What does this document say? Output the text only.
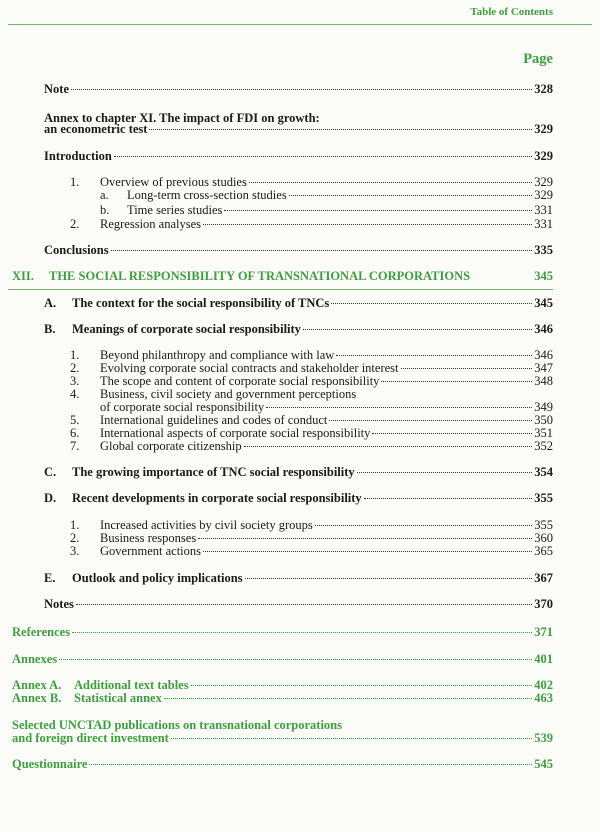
Table of Contents
Page
Note	328
Annex to chapter XI. The impact of FDI on growth:
an econometric test	329
Introduction	329
1.	Overview of previous studies	329
a.	Long-term cross-section studies	329
b.	Time series studies	331
2.	Regression analyses	331
Conclusions	335
XII.	THE SOCIAL RESPONSIBILITY OF TRANSNATIONAL CORPORATIONS	345
A.	The context for the social responsibility of TNCs	345
B.	Meanings of corporate social responsibility	346
1.	Beyond philanthropy and compliance with law	346
2.	Evolving corporate social contracts and stakeholder interest	347
3.	The scope and content of corporate social responsibility	348
4.	Business, civil society and government perceptions
of corporate social responsibility	349
5.	International guidelines and codes of conduct	350
6.	International aspects of corporate social responsibility	351
7.	Global corporate citizenship	352
C.	The growing importance of TNC social responsibility	354
D.	Recent developments in corporate social responsibility	355
1.	Increased activities by civil society groups	355
2.	Business responses	360
3.	Government actions	365
E.	Outlook and policy implications	367
Notes	370
References	371
Annexes	401
Annex A.	Additional text tables	402
Annex B.	Statistical annex	463
Selected UNCTAD publications on transnational corporations
and foreign direct investment	539
Questionnaire	545
